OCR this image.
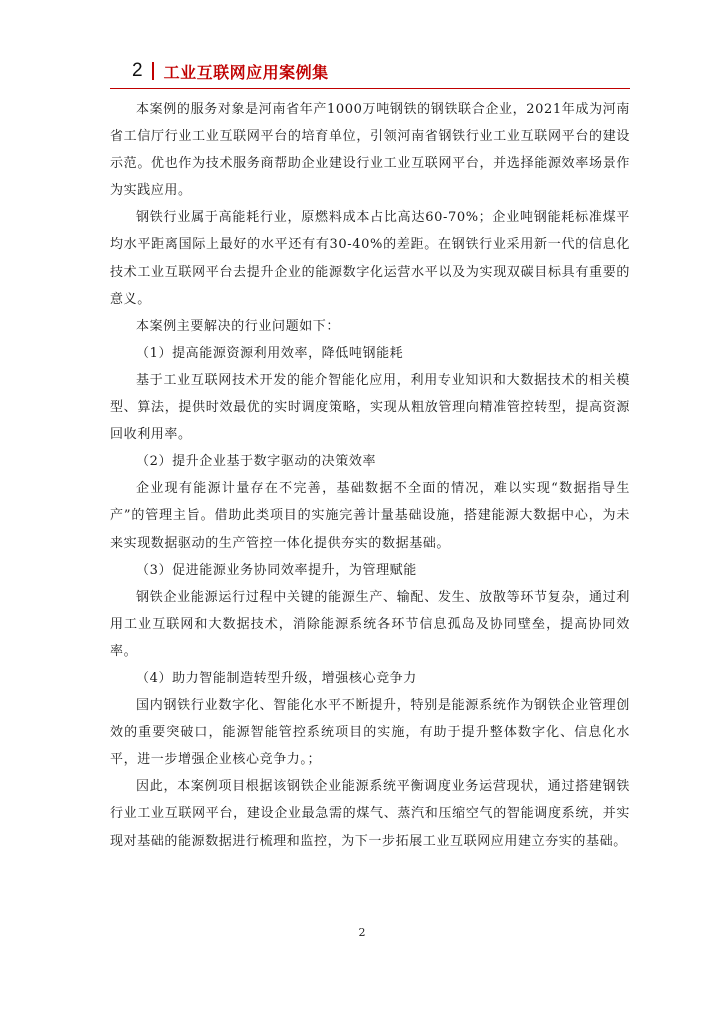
2 工业互联网应用案例集

本案例的服务对象是河南省年产1000万吨钢铁的钢铁联合企业，2021年成为河南省工信厅行业工业互联网平台的培育单位，引领河南省钢铁行业工业互联网平台的建设示范。优也作为技术服务商帮助企业建设行业工业互联网平台，并选择能源效率场景作为实践应用。

钢铁行业属于高能耗行业，原燃料成本占比高达60-70%；企业吨钢能耗标准煤平均水平距离国际上最好的水平还有有30-40%的差距。在钢铁行业采用新一代的信息化技术工业互联网平台去提升企业的能源数字化运营水平以及为实现双碳目标具有重要的意义。

本案例主要解决的行业问题如下：

（1）提高能源资源利用效率，降低吨钢能耗

基于工业互联网技术开发的能介智能化应用，利用专业知识和大数据技术的相关模型、算法，提供时效最优的实时调度策略，实现从粗放管理向精准管控转型，提高资源回收利用率。

（2）提升企业基于数字驱动的决策效率

企业现有能源计量存在不完善，基础数据不全面的情况，难以实现“数据指导生产”的管理主旨。借助此类项目的实施完善计量基础设施，搭建能源大数据中心，为未来实现数据驱动的生产管控一体化提供夯实的数据基础。

（3）促进能源业务协同效率提升，为管理赋能

钢铁企业能源运行过程中关键的能源生产、输配、发生、放散等环节复杂，通过利用工业互联网和大数据技术，消除能源系统各环节信息孤岛及协同壁垒，提高协同效率。

（4）助力智能制造转型升级，增强核心竞争力

国内钢铁行业数字化、智能化水平不断提升，特别是能源系统作为钢铁企业管理创效的重要突破口，能源智能管控系统项目的实施，有助于提升整体数字化、信息化水平，进一步增强企业核心竞争力。；

因此，本案例项目根据该钢铁企业能源系统平衡调度业务运营现状，通过搭建钢铁行业工业互联网平台，建设企业最急需的煤气、蒸汽和压缩空气的智能调度系统，并实现对基础的能源数据进行梳理和监控，为下一步拓展工业互联网应用建立夯实的基础。

2
